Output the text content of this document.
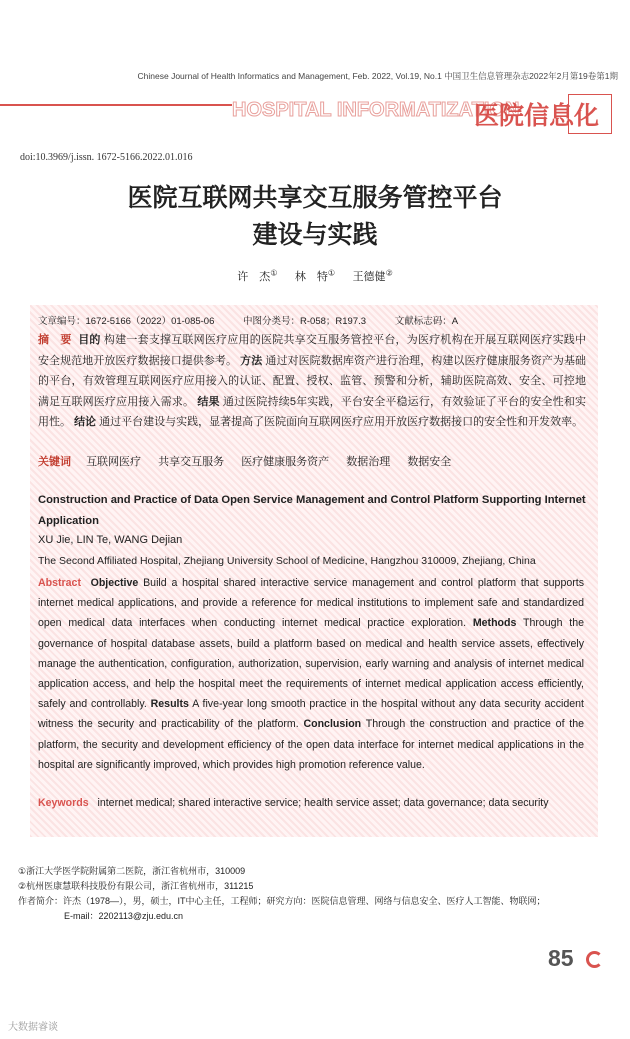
Chinese Journal of Health Informatics and Management, Feb. 2022, Vol.19, No.1 中国卫生信息管理杂志2022年2月第19卷第1期
HOSPITAL INFORMATIZATION
医院信息化
doi:10.3969/j.issn. 1672-5166.2022.01.016
医院互联网共享交互服务管控平台
建设与实践
许　杰① 林　特① 王德健②
文章编号：1672-5166（2022）01-085-06	中图分类号：R-058；R197.3	文献标志码：A
摘　要 目的 构建一套支撑互联网医疗应用的医院共享交互服务管控平台，为医疗机构在开展互联网医疗实践中安全规范地开放医疗数据接口提供参考。 方法 通过对医院数据库资产进行治理，构建以医疗健康服务资产为基础的平台，有效管理互联网医疗应用接入的认证、配置、授权、监管、预警和分析，辅助医院高效、安全、可控地满足互联网医疗应用接入需求。 结果 通过医院持续5年实践，平台安全平稳运行，有效验证了平台的安全性和实用性。 结论 通过平台建设与实践，显著提高了医院面向互联网医疗应用开放医疗数据接口的安全性和开发效率。
关键词 互联网医疗 共享交互服务 医疗健康服务资产 数据治理 数据安全
Construction and Practice of Data Open Service Management and Control Platform Supporting Internet Application
XU Jie, LIN Te, WANG Dejian
The Second Affiliated Hospital, Zhejiang University School of Medicine, Hangzhou 310009, Zhejiang, China
Abstract Objective Build a hospital shared interactive service management and control platform that supports internet medical applications, and provide a reference for medical institutions to implement safe and standardized open medical data interfaces when conducting internet medical practice exploration. Methods Through the governance of hospital database assets, build a platform based on medical and health service assets, effectively manage the authentication, configuration, authorization, supervision, early warning and analysis of internet medical application access, and help the hospital meet the requirements of internet medical application access efficiently, safely and controllably. Results A five-year long smooth practice in the hospital without any data security accident witness the security and practicability of the platform. Conclusion Through the construction and practice of the platform, the security and development efficiency of the open data interface for internet medical applications in the hospital are significantly improved, which provides high promotion reference value.
Keywords internet medical; shared interactive service; health service asset; data governance; data security
①浙江大学医学院附属第二医院，浙江省杭州市，310009
②杭州医康慧联科技股份有限公司，浙江省杭州市，311215
作者简介：许杰（1978—），男，硕士，IT中心主任，工程师；研究方向：医院信息管理、网络与信息安全、医疗人工智能、物联网；
E-mail：2202113@zju.edu.cn
85
大数据睿谈
